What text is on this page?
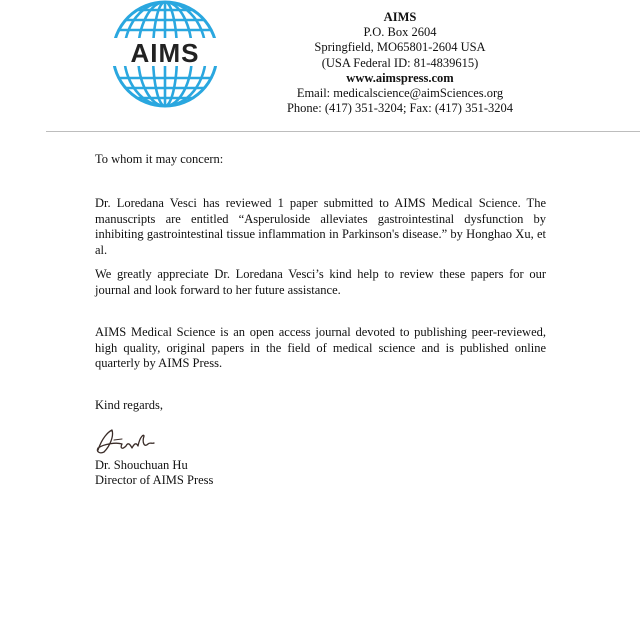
AIMS
AIMS
P.O. Box 2604
Springfield, MO65801-2604 USA
(USA Federal ID: 81-4839615)
www.aimspress.com
Email: medicalscience@aimSciences.org
Phone: (417) 351-3204; Fax: (417) 351-3204

To whom it may concern:

Dr. Loredana Vesci has reviewed 1 paper submitted to AIMS Medical Science. The manuscripts are entitled “Asperuloside alleviates gastrointestinal dysfunction by inhibiting gastrointestinal tissue inflammation in Parkinson's disease.” by Honghao Xu, et al.

We greatly appreciate Dr. Loredana Vesci’s kind help to review these papers for our journal and look forward to her future assistance.

AIMS Medical Science is an open access journal devoted to publishing peer-reviewed, high quality, original papers in the field of medical science and is published online quarterly by AIMS Press.

Kind regards,

Dr. Shouchuan Hu

Director of AIMS Press
